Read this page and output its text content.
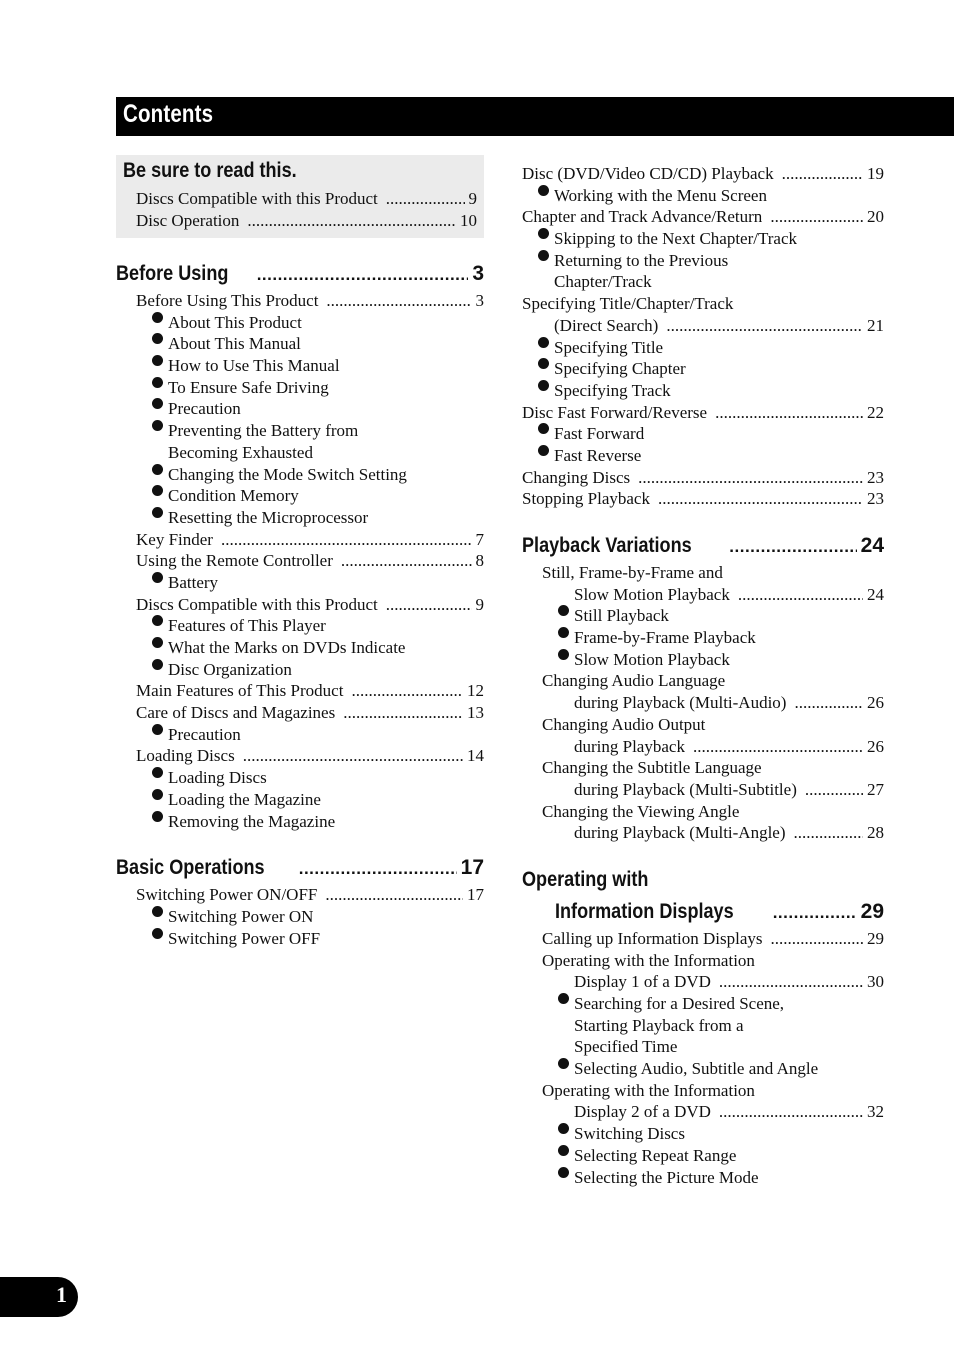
Contents
Be sure to read this.
Discs Compatible with this Product .....	9
Disc Operation .....	10
Before Using .....	3
Before Using This Product .....	3
About This Product
About This Manual
How to Use This Manual
To Ensure Safe Driving
Precaution
Preventing the Battery from
Becoming Exhausted
Changing the Mode Switch Setting
Condition Memory
Resetting the Microprocessor
Key Finder .....	7
Using the Remote Controller .....	8
Battery
Discs Compatible with this Product .....	9
Features of This Player
What the Marks on DVDs Indicate
Disc Organization
Main Features of This Product .....	12
Care of Discs and Magazines .....	13
Precaution
Loading Discs .....	14
Loading Discs
Loading the Magazine
Removing the Magazine
Basic Operations .....	17
Switching Power ON/OFF .....	17
Switching Power ON
Switching Power OFF
Disc (DVD/Video CD/CD) Playback .....	19
Working with the Menu Screen
Chapter and Track Advance/Return .....	20
Skipping to the Next Chapter/Track
Returning to the Previous
Chapter/Track
Specifying Title/Chapter/Track
(Direct Search) .....	21
Specifying Title
Specifying Chapter
Specifying Track
Disc Fast Forward/Reverse .....	22
Fast Forward
Fast Reverse
Changing Discs .....	23
Stopping Playback .....	23
Playback Variations .....	24
Still, Frame-by-Frame and
Slow Motion Playback .....	24
Still Playback
Frame-by-Frame Playback
Slow Motion Playback
Changing Audio Language
during Playback (Multi-Audio) .....	26
Changing Audio Output
during Playback .....	26
Changing the Subtitle Language
during Playback (Multi-Subtitle) .....	27
Changing the Viewing Angle
during Playback (Multi-Angle) .....	28
Operating with
Information Displays .....	29
Calling up Information Displays .....	29
Operating with the Information
Display 1 of a DVD .....	30
Searching for a Desired Scene,
Starting Playback from a
Specified Time
Selecting Audio, Subtitle and Angle
Operating with the Information
Display 2 of a DVD .....	32
Switching Discs
Selecting Repeat Range
Selecting the Picture Mode
1
